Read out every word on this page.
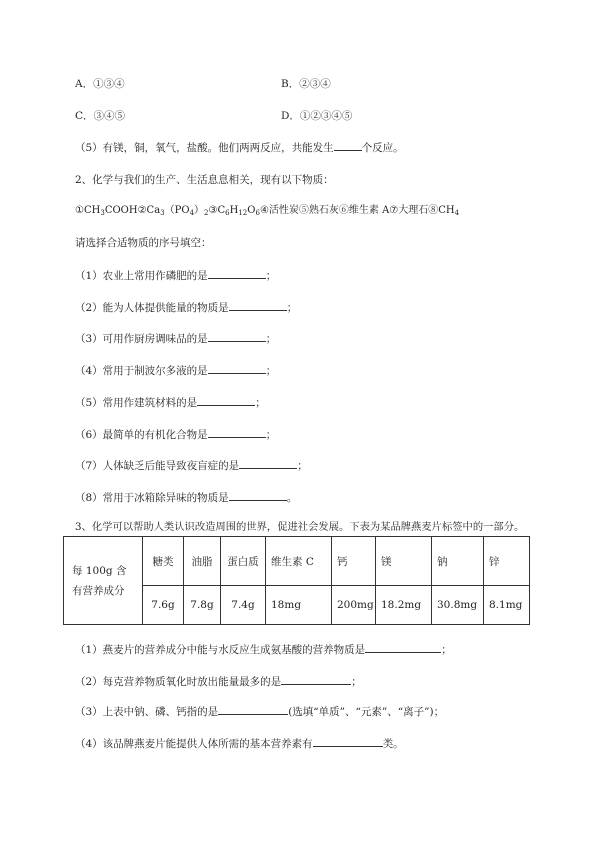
A．①③④	B．②③④
C．③④⑤	D．①②③④⑤
（5）有镁，铜，氧气，盐酸。他们两两反应，共能发生	个反应。
2、化学与我们的生产、生活息息相关，现有以下物质：
$①CH_3COOH②Ca_3(PO_4)_2③C_6H_{12}O_6④$活性炭⑤熟石灰⑥维生素 A⑦大理石$⑧CH_4$
请选择合适物质的序号填空：
（1）农业上常用作磷肥的是	；
（2）能为人体提供能量的物质是	；
（3）可用作厨房调味品的是	；
（4）常用于制波尔多液的是	；
（5）常用作建筑材料的是	；
（6）最简单的有机化合物是	；
（7）人体缺乏后能导致夜盲症的是	；
（8）常用于冰箱除异味的物质是	。
3、化学可以帮助人类认识改造周围的世界，促进社会发展。下表为某品牌燕麦片标签中的一部分。
每 100g 含
有营养成分	糖类	油脂	蛋白质	维生素 C	钙	镁	钠	锌
	7.6g	7.8g	7.4g	18mg	200mg	18.2mg	30.8mg	8.1mg
（1）燕麦片的营养成分中能与水反应生成氨基酸的营养物质是	；
（2）每克营养物质氧化时放出能量最多的是	；
（3）上表中钠、磷、钙指的是	(选填“单质”、“元素”、“离子”)；
（4）该品牌燕麦片能提供人体所需的基本营养素有	类。
